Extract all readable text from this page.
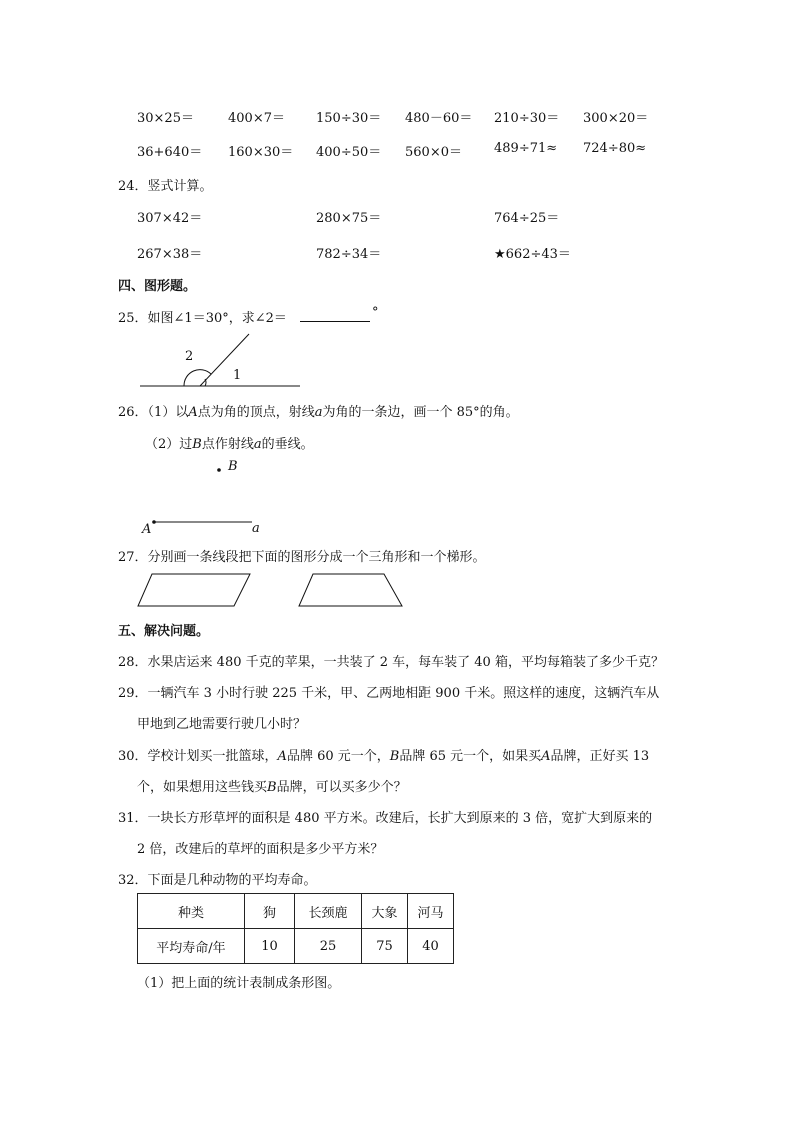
30×25＝	400×7＝ 150÷30＝ 480－60＝ 210÷30＝ 300×20＝
36+640＝ 160×30＝ 400÷50＝ 560×0＝ 489÷71≈ 724÷80≈
24．竖式计算。
307×42＝	280×75＝	764÷25＝
267×38＝	782÷34＝	★662÷43＝
四、图形题。
25．如图∠1＝30°，求∠2＝	°
2
1
26．（1）以A点为角的顶点，射线a为角的一条边，画一个 85°的角。
（2）过B点作射线a的垂线。
B
A	a
27．分别画一条线段把下面的图形分成一个三角形和一个梯形。
五、解决问题。
28．水果店运来 480 千克的苹果，一共装了 2 车，每车装了 40 箱，平均每箱装了多少千克？
29．一辆汽车 3 小时行驶 225 千米，甲、乙两地相距 900 千米。照这样的速度，这辆汽车从
甲地到乙地需要行驶几小时？
30．学校计划买一批篮球，A品牌 60 元一个，B品牌 65 元一个，如果买A品牌，正好买 13
个，如果想用这些钱买B品牌，可以买多少个？
31．一块长方形草坪的面积是 480 平方米。改建后，长扩大到原来的 3 倍，宽扩大到原来的
2 倍，改建后的草坪的面积是多少平方米？
32．下面是几种动物的平均寿命。
种类	狗	长颈鹿	大象	河马
平均寿命/年	10	25	75	40
（1）把上面的统计表制成条形图。
